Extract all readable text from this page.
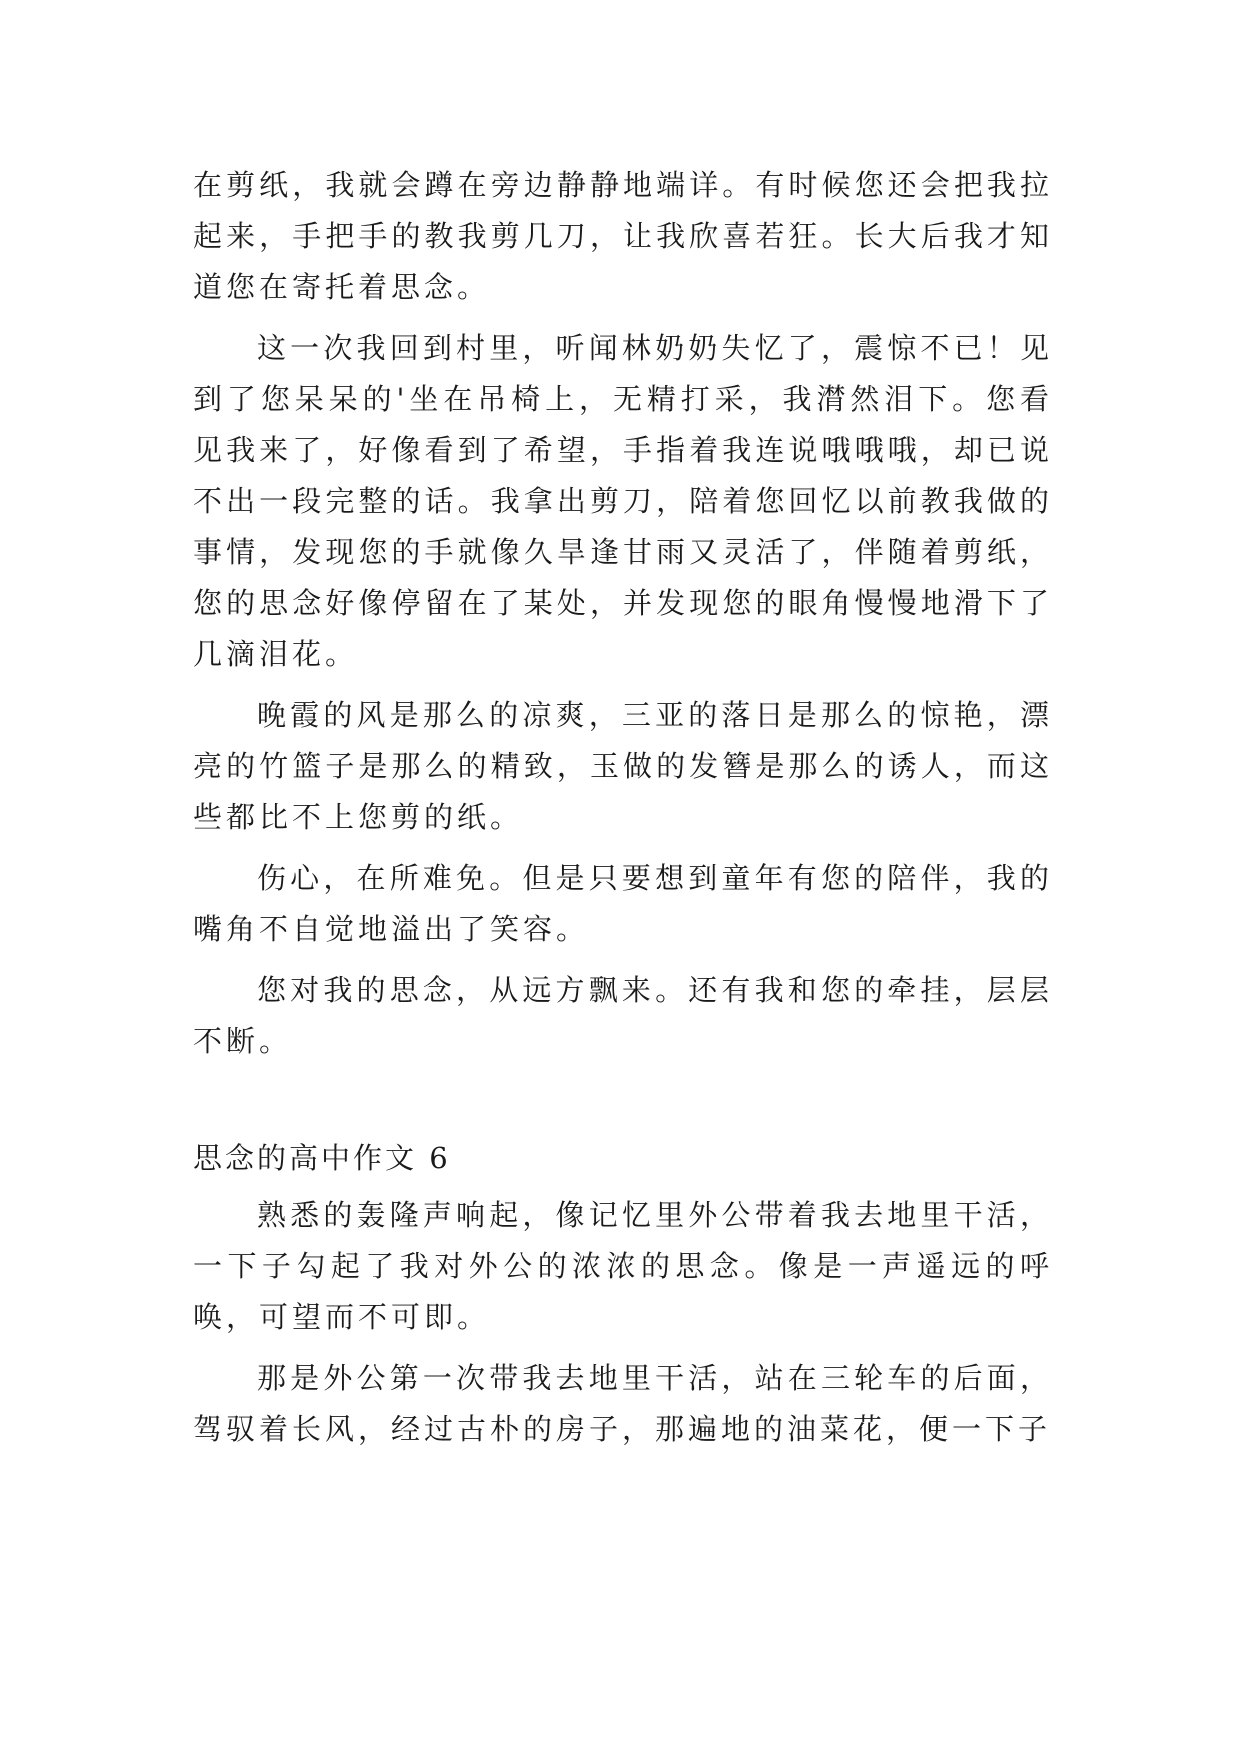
在剪纸，我就会蹲在旁边静静地端详。有时候您还会把我拉起来，手把手的教我剪几刀，让我欣喜若狂。长大后我才知道您在寄托着思念。

这一次我回到村里，听闻林奶奶失忆了，震惊不已！见到了您呆呆的'坐在吊椅上，无精打采，我潸然泪下。您看见我来了，好像看到了希望，手指着我连说哦哦哦，却已说不出一段完整的话。我拿出剪刀，陪着您回忆以前教我做的事情，发现您的手就像久旱逢甘雨又灵活了，伴随着剪纸，您的思念好像停留在了某处，并发现您的眼角慢慢地滑下了几滴泪花。

晚霞的风是那么的凉爽，三亚的落日是那么的惊艳，漂亮的竹篮子是那么的精致，玉做的发簪是那么的诱人，而这些都比不上您剪的纸。

伤心，在所难免。但是只要想到童年有您的陪伴，我的嘴角不自觉地溢出了笑容。

您对我的思念，从远方飘来。还有我和您的牵挂，层层不断。

思念的高中作文 6

熟悉的轰隆声响起，像记忆里外公带着我去地里干活，一下子勾起了我对外公的浓浓的思念。像是一声遥远的呼唤，可望而不可即。

那是外公第一次带我去地里干活，站在三轮车的后面，驾驭着长风，经过古朴的房子，那遍地的油菜花，便一下子
